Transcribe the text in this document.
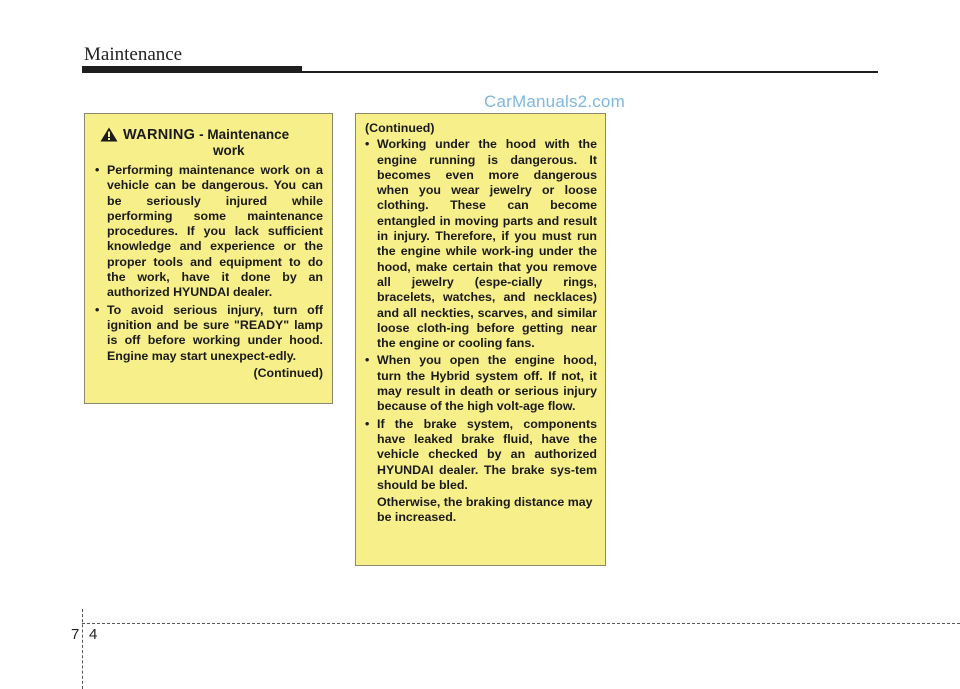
Maintenance
CarManuals2.com
WARNING - Maintenance
work
• Performing maintenance work on a vehicle can be dangerous. You can be seriously injured while performing some maintenance procedures. If you lack sufficient knowledge and experience or the proper tools and equipment to do the work, have it done by an authorized HYUNDAI dealer.
• To avoid serious injury, turn off ignition and be sure "READY" lamp is off before working under hood. Engine may start unexpect-edly.
(Continued)
(Continued)
• Working under the hood with the engine running is dangerous. It becomes even more dangerous when you wear jewelry or loose clothing. These can become entangled in moving parts and result in injury. Therefore, if you must run the engine while work-ing under the hood, make certain that you remove all jewelry (espe-cially rings, bracelets, watches, and necklaces) and all neckties, scarves, and similar loose cloth-ing before getting near the engine or cooling fans.
• When you open the engine hood, turn the Hybrid system off. If not, it may result in death or serious injury because of the high volt-age flow.
• If the brake system, components have leaked brake fluid, have the vehicle checked by an authorized HYUNDAI dealer. The brake sys-tem should be bled.
Otherwise, the braking distance may be increased.
7 4
